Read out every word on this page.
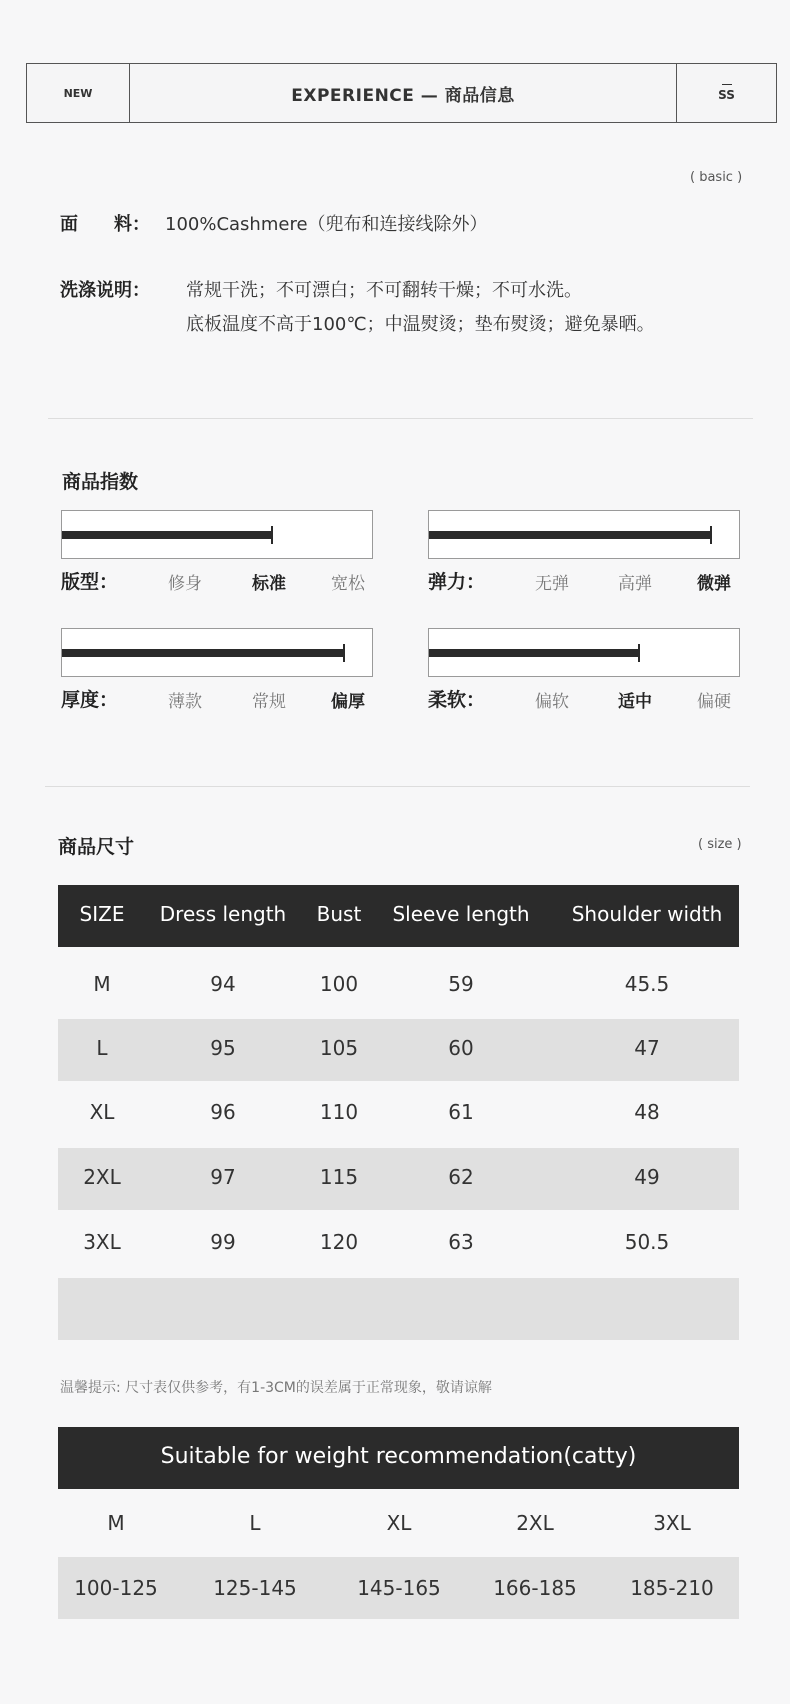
NEW	EXPERIENCE — 商品信息	SS
( basic )
面　　料： 100%Cashmere（兜布和连接线除外）
洗涤说明： 常规干洗；不可漂白；不可翻转干燥；不可水洗。
底板温度不高于100℃；中温熨烫；垫布熨烫；避免暴晒。
商品指数
版型：	修身	标准	宽松	弹力：	无弹	高弹	微弹
厚度：	薄款	常规	偏厚	柔软：	偏软	适中	偏硬
商品尺寸	( size )
SIZE	Dress length	Bust	Sleeve length	Shoulder width
M	94	100	59	45.5
L	95	105	60	47
XL	96	110	61	48
2XL	97	115	62	49
3XL	99	120	63	50.5
温馨提示: 尺寸表仅供参考，有1-3CM的误差属于正常现象，敬请谅解
Suitable for weight recommendation(catty)
M	L	XL	2XL	3XL
100-125	125-145	145-165	166-185	185-210
